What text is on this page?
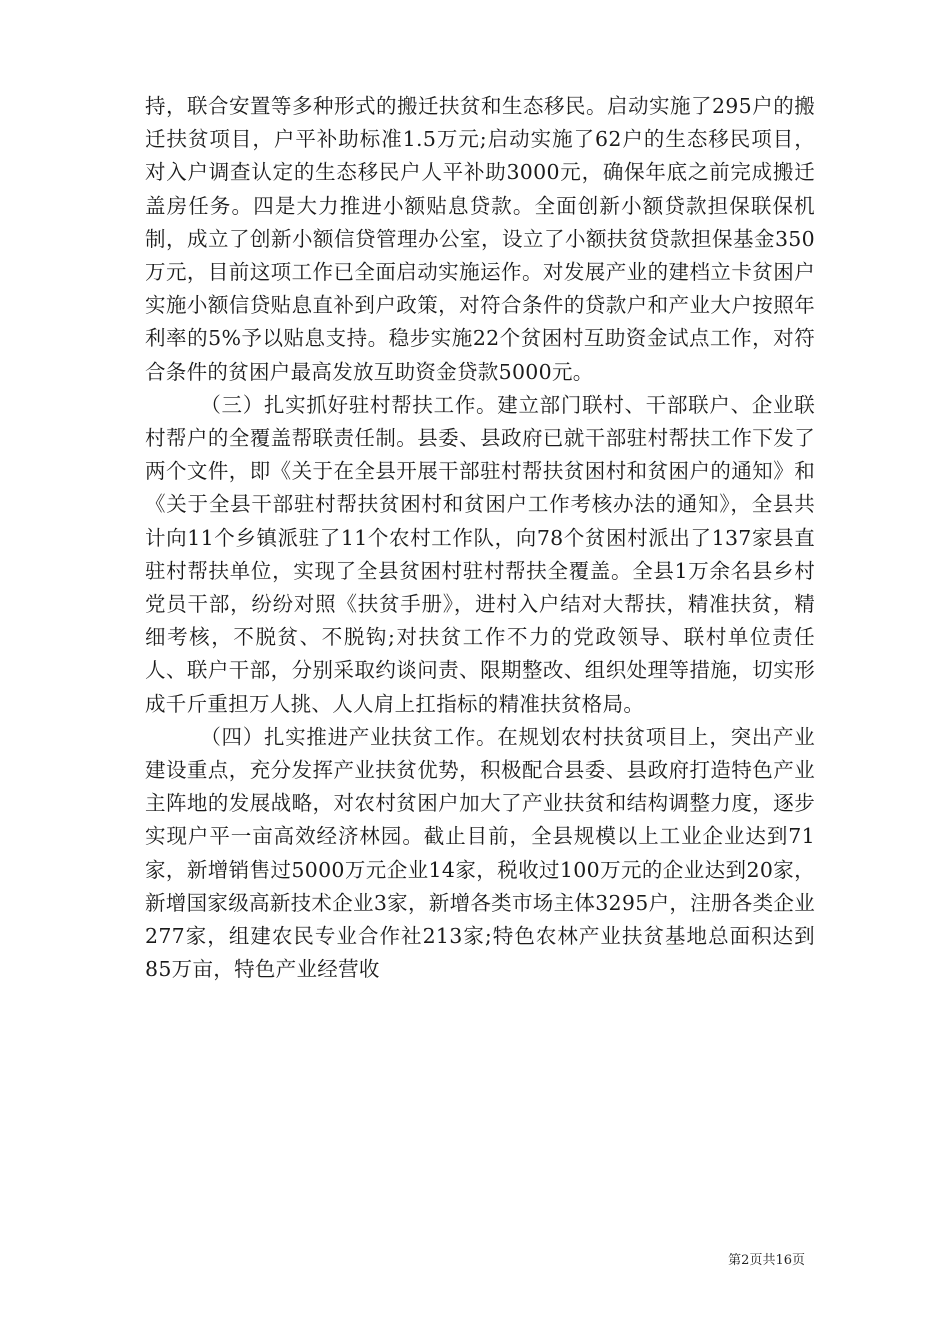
持，联合安置等多种形式的搬迁扶贫和生态移民。启动实施了295户的搬迁扶贫项目，户平补助标准1.5万元;启动实施了62户的生态移民项目，对入户调查认定的生态移民户人平补助3000元，确保年底之前完成搬迁盖房任务。四是大力推进小额贴息贷款。全面创新小额贷款担保联保机制，成立了创新小额信贷管理办公室，设立了小额扶贫贷款担保基金350万元，目前这项工作已全面启动实施运作。对发展产业的建档立卡贫困户实施小额信贷贴息直补到户政策，对符合条件的贷款户和产业大户按照年利率的5%予以贴息支持。稳步实施22个贫困村互助资金试点工作，对符合条件的贫困户最高发放互助资金贷款5000元。

（三）扎实抓好驻村帮扶工作。建立部门联村、干部联户、企业联村帮户的全覆盖帮联责任制。县委、县政府已就干部驻村帮扶工作下发了两个文件，即《关于在全县开展干部驻村帮扶贫困村和贫困户的通知》和《关于全县干部驻村帮扶贫困村和贫困户工作考核办法的通知》，全县共计向11个乡镇派驻了11个农村工作队，向78个贫困村派出了137家县直驻村帮扶单位，实现了全县贫困村驻村帮扶全覆盖。全县1万余名县乡村党员干部，纷纷对照《扶贫手册》，进村入户结对大帮扶，精准扶贫，精细考核，不脱贫、不脱钩;对扶贫工作不力的党政领导、联村单位责任人、联户干部，分别采取约谈问责、限期整改、组织处理等措施，切实形成千斤重担万人挑、人人肩上扛指标的精准扶贫格局。

（四）扎实推进产业扶贫工作。在规划农村扶贫项目上，突出产业建设重点，充分发挥产业扶贫优势，积极配合县委、县政府打造特色产业主阵地的发展战略，对农村贫困户加大了产业扶贫和结构调整力度，逐步实现户平一亩高效经济林园。截止目前，全县规模以上工业企业达到71家，新增销售过5000万元企业14家，税收过100万元的企业达到20家，新增国家级高新技术企业3家，新增各类市场主体3295户，注册各类企业277家，组建农民专业合作社213家;特色农林产业扶贫基地总面积达到85万亩，特色产业经营收

第2页共16页
